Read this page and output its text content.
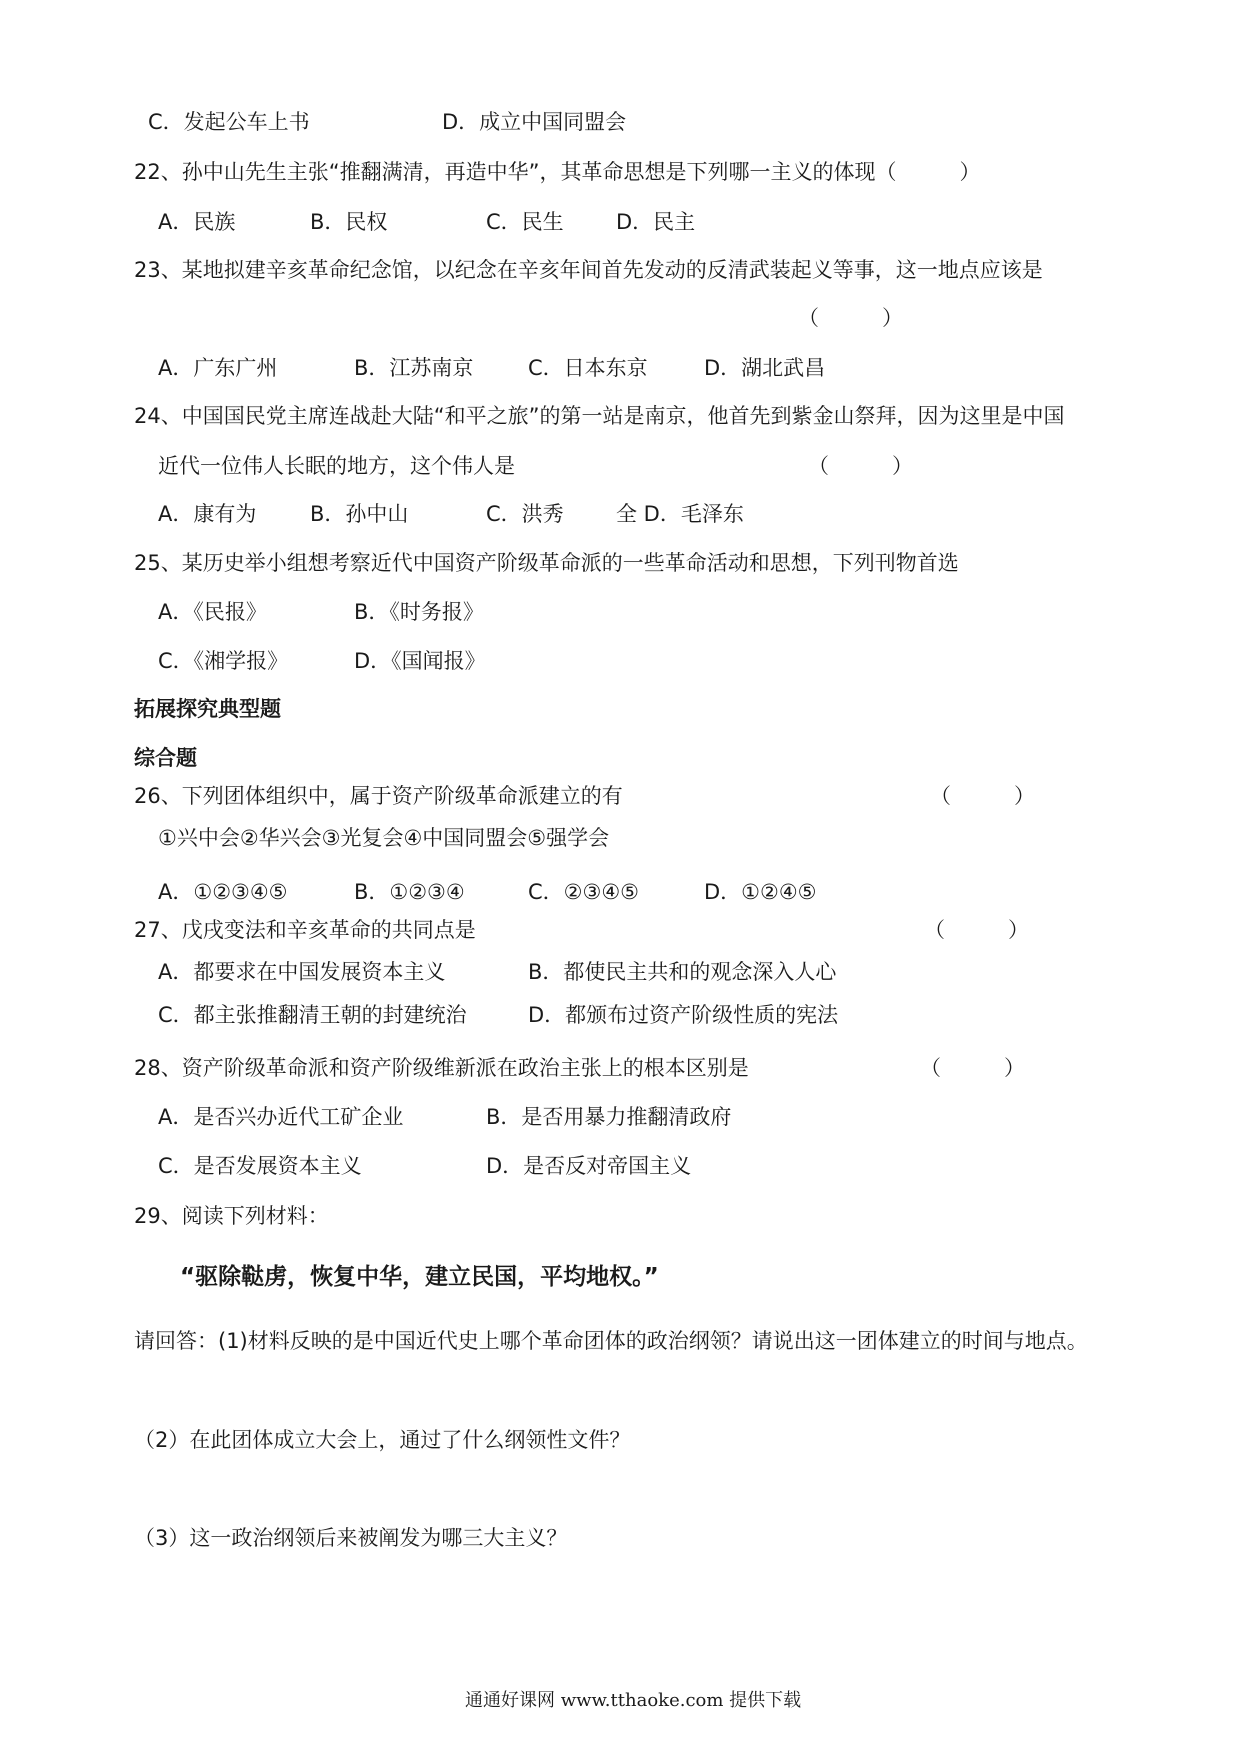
C．发起公车上书	D．成立中国同盟会
22、孙中山先生主张“推翻满清，再造中华”，其革命思想是下列哪一主义的体现（　　　）
A．民族	B．民权	C．民生 D．民主
23、某地拟建辛亥革命纪念馆，以纪念在辛亥年间首先发动的反清武装起义等事，这一地点应该是
（　　　）
A．广东广州	B．江苏南京	C．日本东京	D．湖北武昌
24、中国国民党主席连战赴大陆“和平之旅”的第一站是南京，他首先到紫金山祭拜，因为这里是中国
近代一位伟人长眠的地方，这个伟人是	（　　　）
A．康有为	B．孙中山	C．洪秀 全 D．毛泽东
25、某历史举小组想考察近代中国资产阶级革命派的一些革命活动和思想，下列刊物首选
A．《民报》	B．《时务报》
C．《湘学报》	D．《国闻报》
拓展探究典型题
综合题
26、下列团体组织中，属于资产阶级革命派建立的有	（　　　）
①兴中会②华兴会③光复会④中国同盟会⑤强学会
A．①②③④⑤	B．①②③④	C．②③④⑤	D．①②④⑤
27、戊戌变法和辛亥革命的共同点是	（　　　）
A．都要求在中国发展资本主义	B．都使民主共和的观念深入人心
C．都主张推翻清王朝的封建统治	D．都颁布过资产阶级性质的宪法
28、资产阶级革命派和资产阶级维新派在政治主张上的根本区别是	（　　　）
A．是否兴办近代工矿企业	B．是否用暴力推翻清政府
C．是否发展资本主义	D．是否反对帝国主义
29、阅读下列材料：
“驱除鞑虏，恢复中华，建立民国，平均地权。”
请回答：(1)材料反映的是中国近代史上哪个革命团体的政治纲领？请说出这一团体建立的时间与地点。
（2）在此团体成立大会上，通过了什么纲领性文件？
（3）这一政治纲领后来被阐发为哪三大主义？
通通好课网 www.tthaoke.com 提供下载
